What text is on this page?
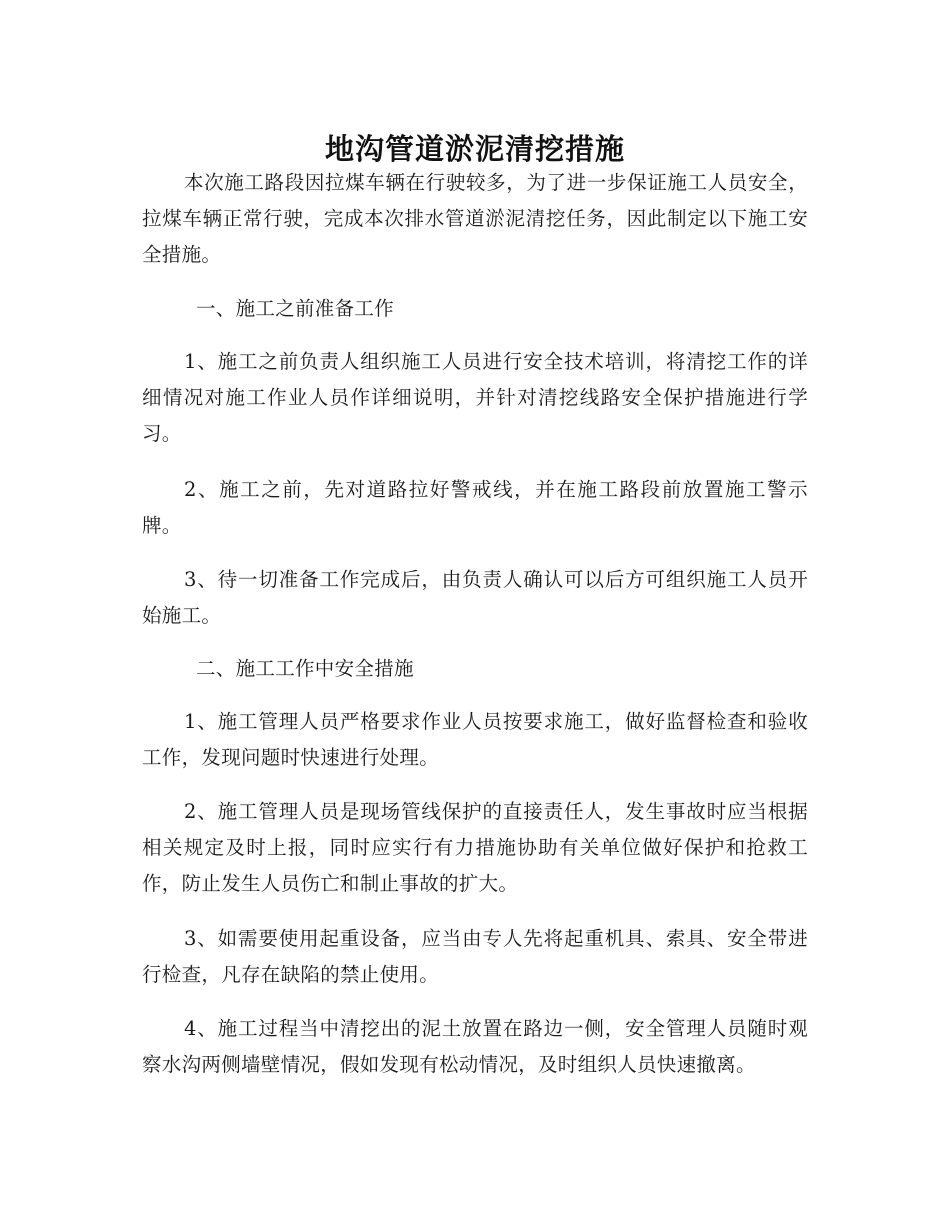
地沟管道淤泥清挖措施

本次施工路段因拉煤车辆在行驶较多，为了进一步保证施工人员安全，拉煤车辆正常行驶，完成本次排水管道淤泥清挖任务，因此制定以下施工安全措施。

一、施工之前准备工作

1、施工之前负责人组织施工人员进行安全技术培训，将清挖工作的详细情况对施工作业人员作详细说明，并针对清挖线路安全保护措施进行学习。

2、施工之前，先对道路拉好警戒线，并在施工路段前放置施工警示牌。

3、待一切准备工作完成后，由负责人确认可以后方可组织施工人员开始施工。

二、施工工作中安全措施

1、施工管理人员严格要求作业人员按要求施工，做好监督检查和验收工作，发现问题时快速进行处理。

2、施工管理人员是现场管线保护的直接责任人，发生事故时应当根据相关规定及时上报，同时应实行有力措施协助有关单位做好保护和抢救工作，防止发生人员伤亡和制止事故的扩大。

3、如需要使用起重设备，应当由专人先将起重机具、索具、安全带进行检查，凡存在缺陷的禁止使用。

4、施工过程当中清挖出的泥土放置在路边一侧，安全管理人员随时观察水沟两侧墙壁情况，假如发现有松动情况，及时组织人员快速撤离。
